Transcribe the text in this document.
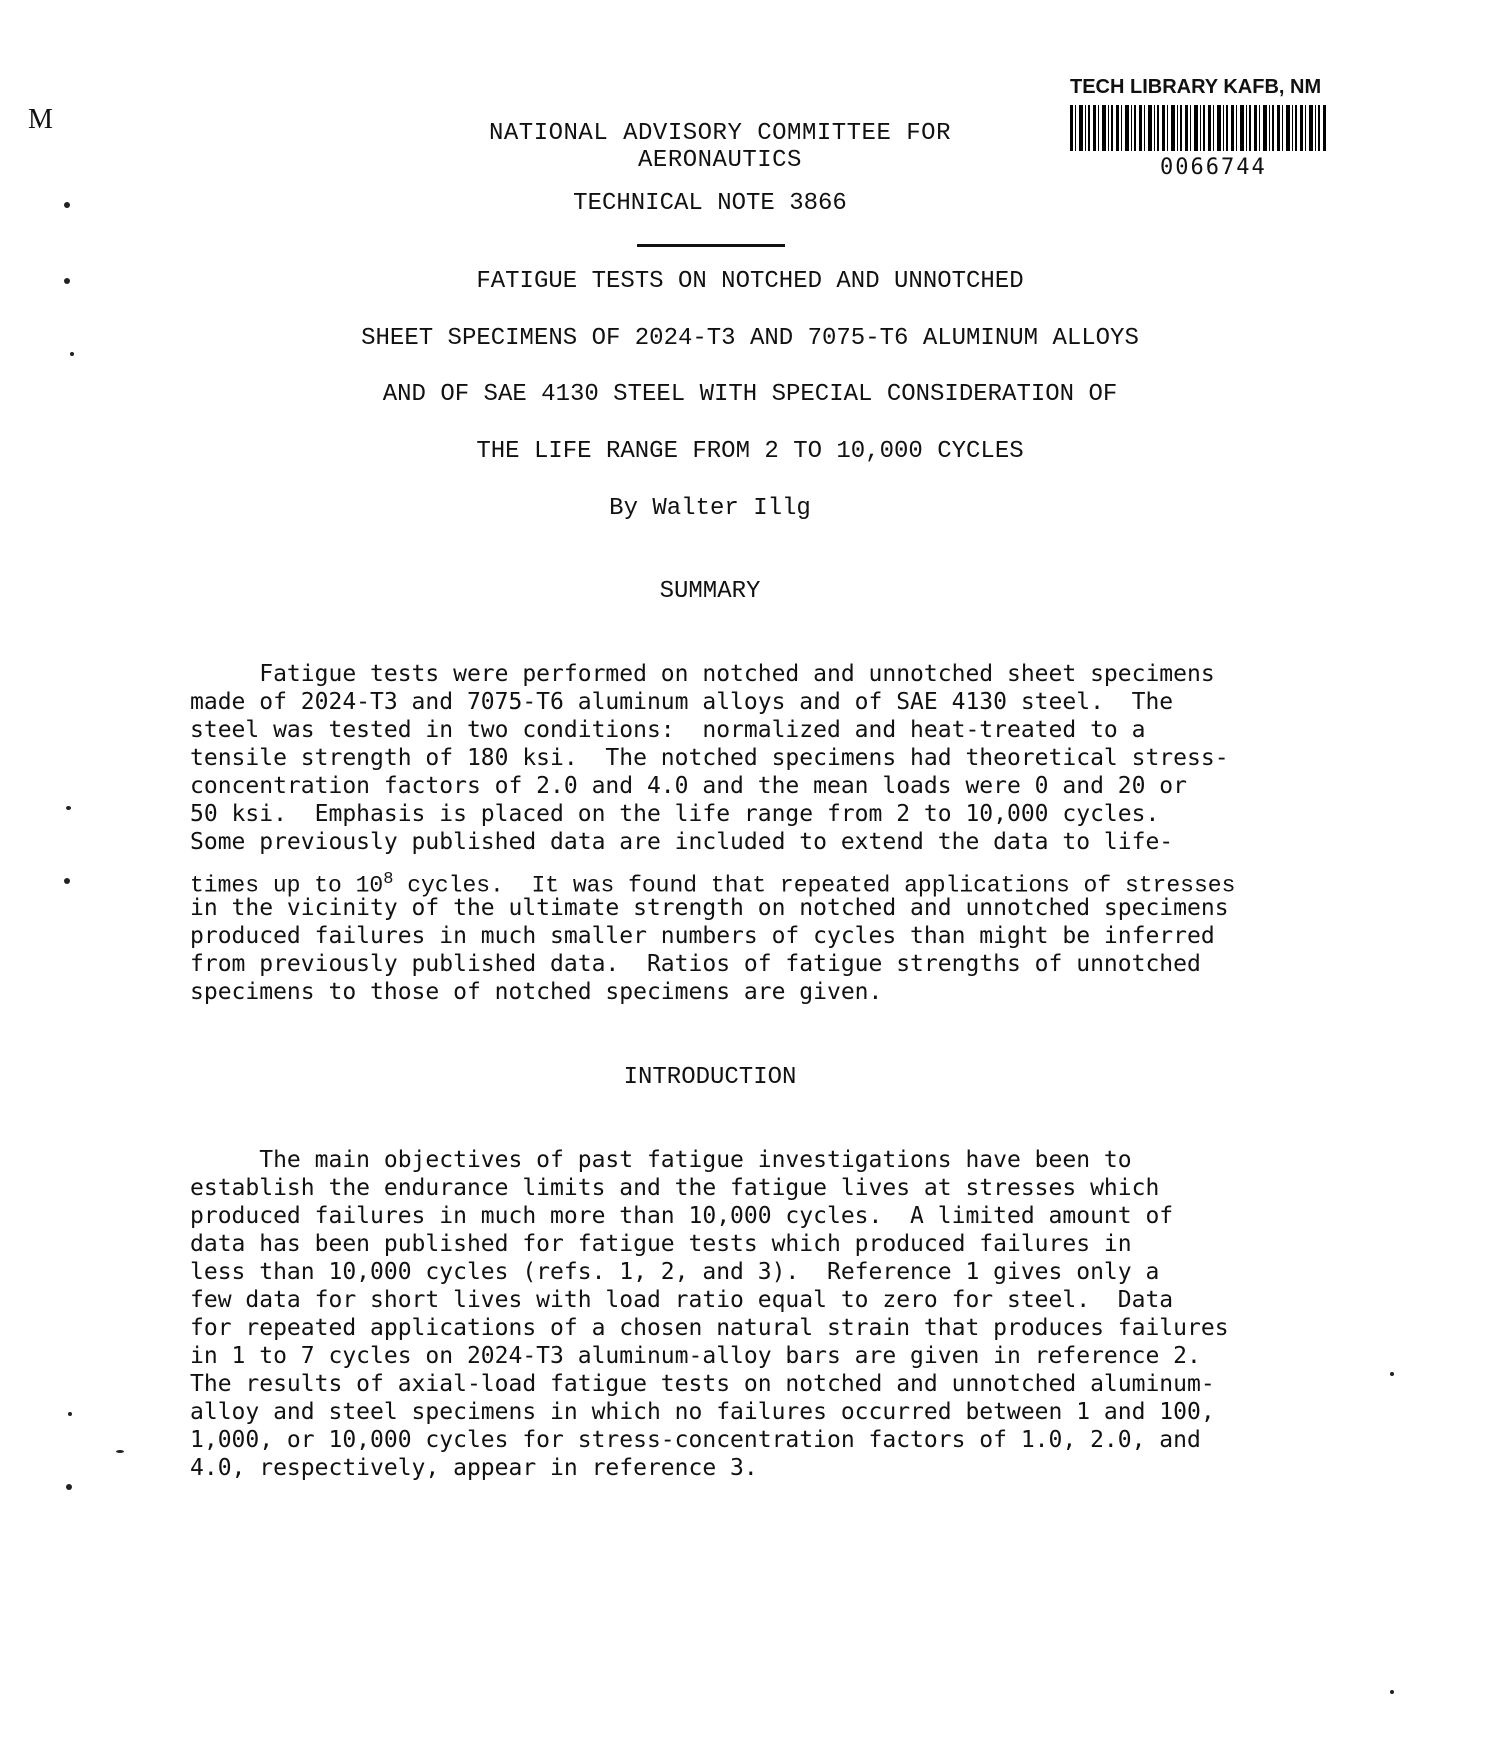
M	NATIONAL ADVISORY COMMITTEE FOR AERONAUTICS
TECH LIBRARY KAFB, NM
0066744
TECHNICAL NOTE 3866
FATIGUE TESTS ON NOTCHED AND UNNOTCHED
SHEET SPECIMENS OF 2024-T3 AND 7075-T6 ALUMINUM ALLOYS
AND OF SAE 4130 STEEL WITH SPECIAL CONSIDERATION OF
THE LIFE RANGE FROM 2 TO 10,000 CYCLES
By Walter Illg
SUMMARY
Fatigue tests were performed on notched and unnotched sheet specimens
made of 2024-T3 and 7075-T6 aluminum alloys and of SAE 4130 steel.  The
steel was tested in two conditions:  normalized and heat-treated to a
tensile strength of 180 ksi.  The notched specimens had theoretical stress-
concentration factors of 2.0 and 4.0 and the mean loads were 0 and 20 or
50 ksi.  Emphasis is placed on the life range from 2 to 10,000 cycles.
Some previously published data are included to extend the data to life-
times up to $10^8$ cycles.  It was found that repeated applications of stresses
in the vicinity of the ultimate strength on notched and unnotched specimens
produced failures in much smaller numbers of cycles than might be inferred
from previously published data.  Ratios of fatigue strengths of unnotched
specimens to those of notched specimens are given.
INTRODUCTION
The main objectives of past fatigue investigations have been to
establish the endurance limits and the fatigue lives at stresses which
produced failures in much more than 10,000 cycles.  A limited amount of
data has been published for fatigue tests which produced failures in
less than 10,000 cycles (refs. 1, 2, and 3).  Reference 1 gives only a
few data for short lives with load ratio equal to zero for steel.  Data
for repeated applications of a chosen natural strain that produces failures
in 1 to 7 cycles on 2024-T3 aluminum-alloy bars are given in reference 2.
The results of axial-load fatigue tests on notched and unnotched aluminum-
alloy and steel specimens in which no failures occurred between 1 and 100,
1,000, or 10,000 cycles for stress-concentration factors of 1.0, 2.0, and
4.0, respectively, appear in reference 3.
